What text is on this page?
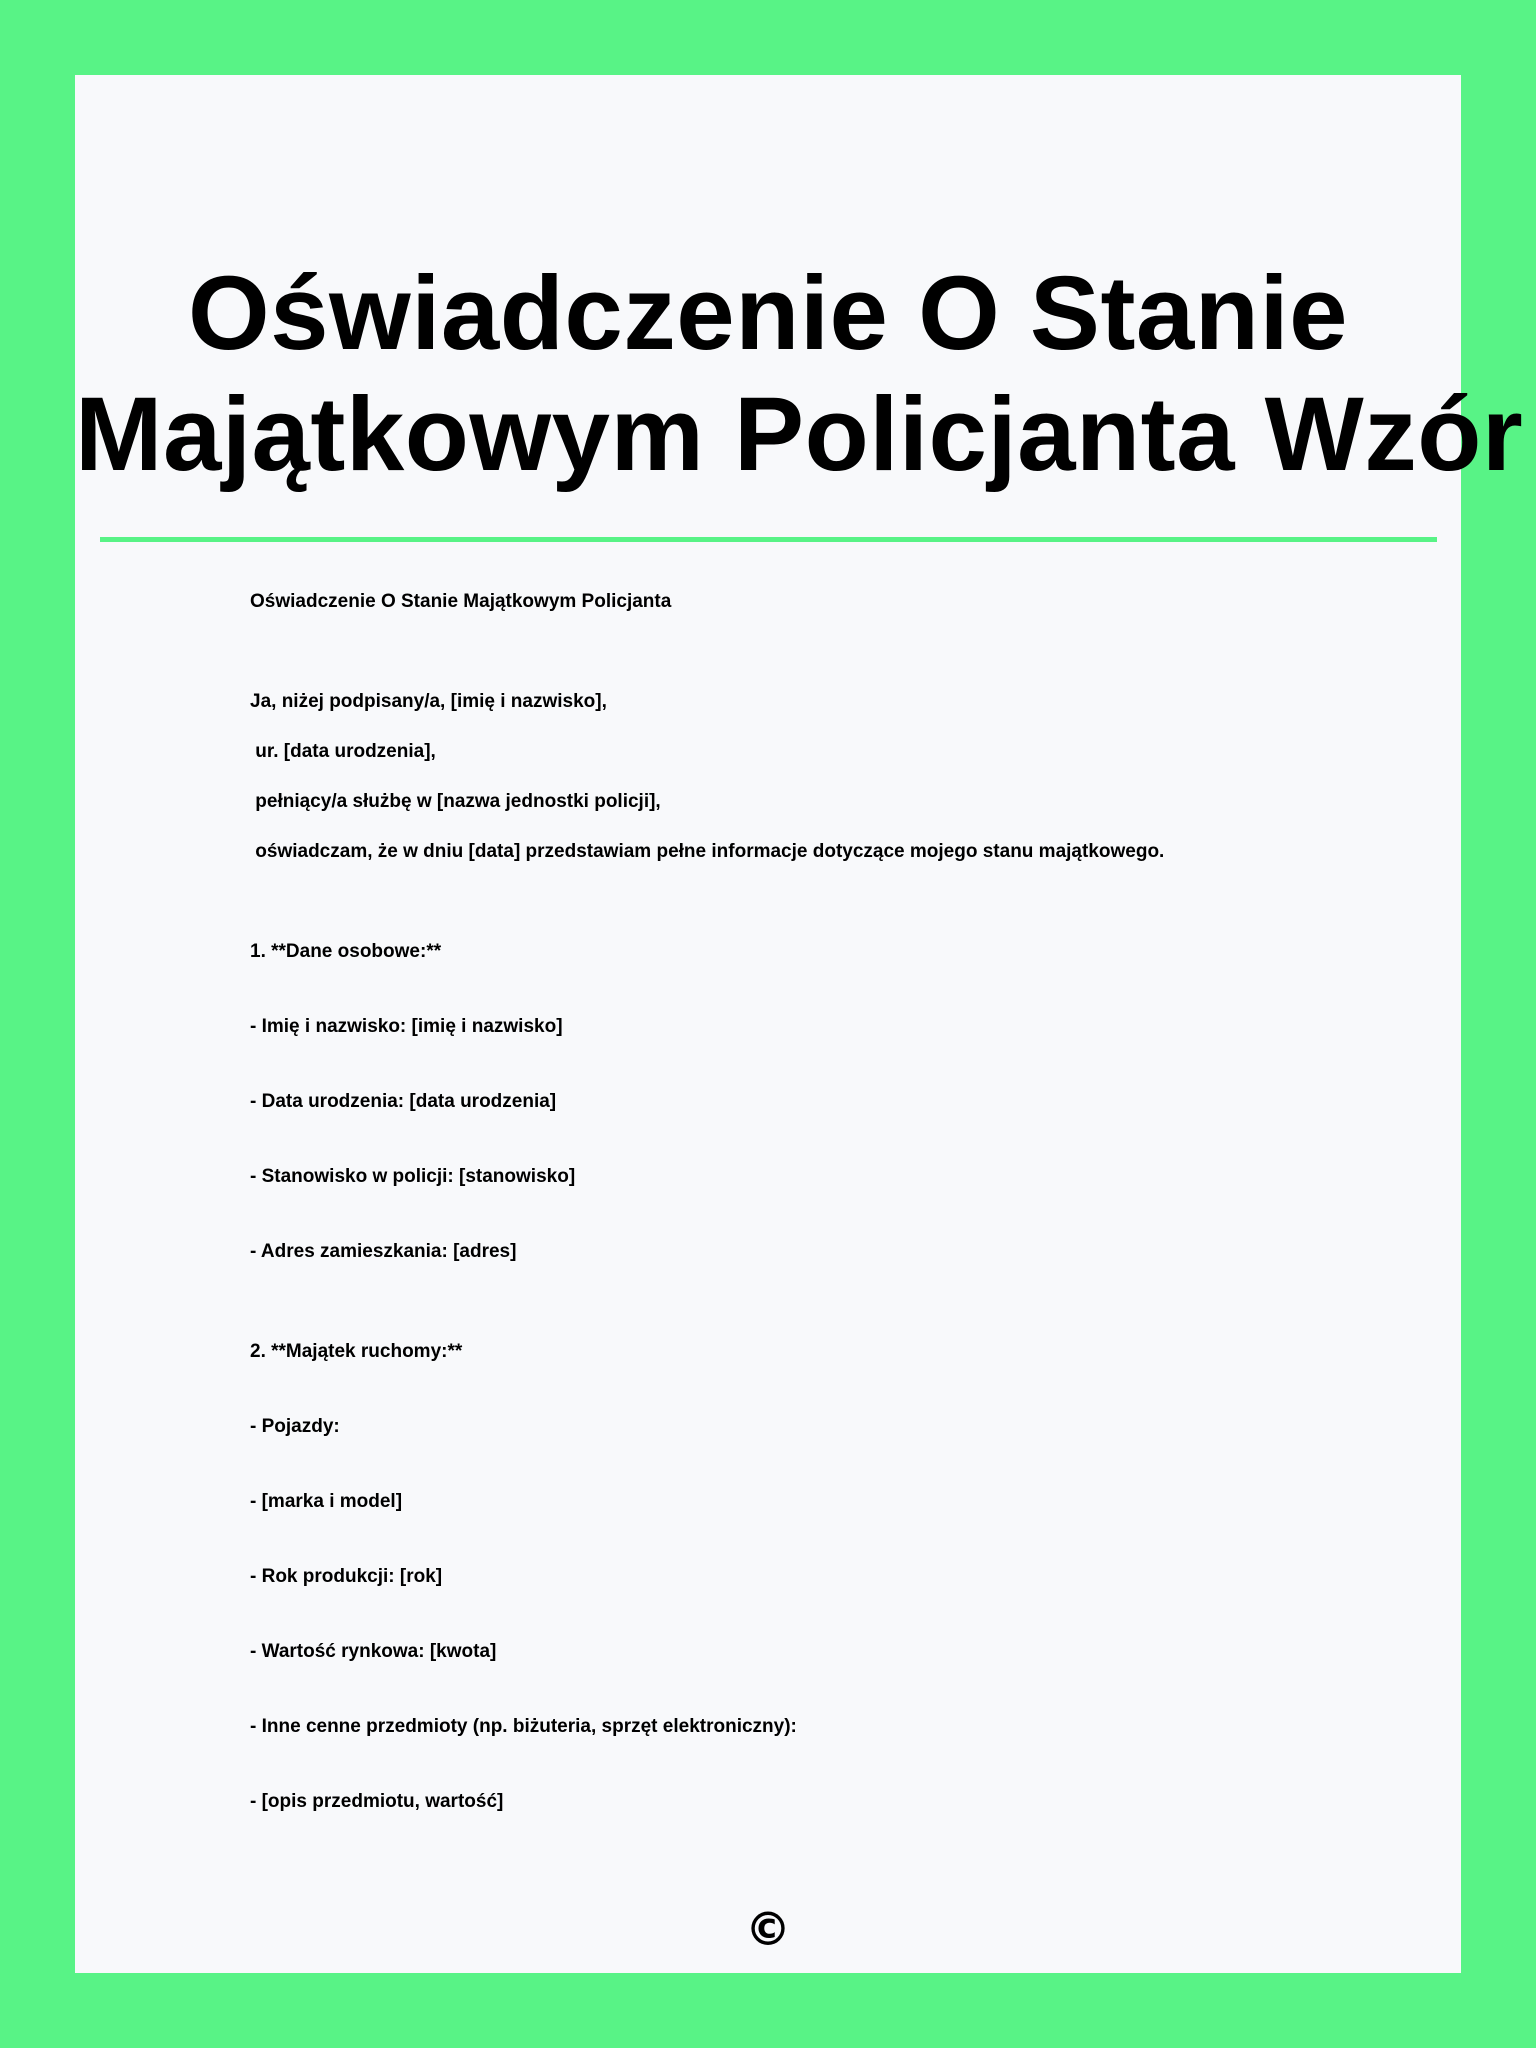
Oświadczenie O Stanie
Majątkowym Policjanta Wzór
Oświadczenie O Stanie Majątkowym Policjanta
Ja, niżej podpisany/a, [imię i nazwisko],
ur. [data urodzenia],
pełniący/a służbę w [nazwa jednostki policji],
oświadczam, że w dniu [data] przedstawiam pełne informacje dotyczące mojego stanu majątkowego.
1. **Dane osobowe:**
- Imię i nazwisko: [imię i nazwisko]
- Data urodzenia: [data urodzenia]
- Stanowisko w policji: [stanowisko]
- Adres zamieszkania: [adres]
2. **Majątek ruchomy:**
- Pojazdy:
- [marka i model]
- Rok produkcji: [rok]
- Wartość rynkowa: [kwota]
- Inne cenne przedmioty (np. biżuteria, sprzęt elektroniczny):
- [opis przedmiotu, wartość]
©
